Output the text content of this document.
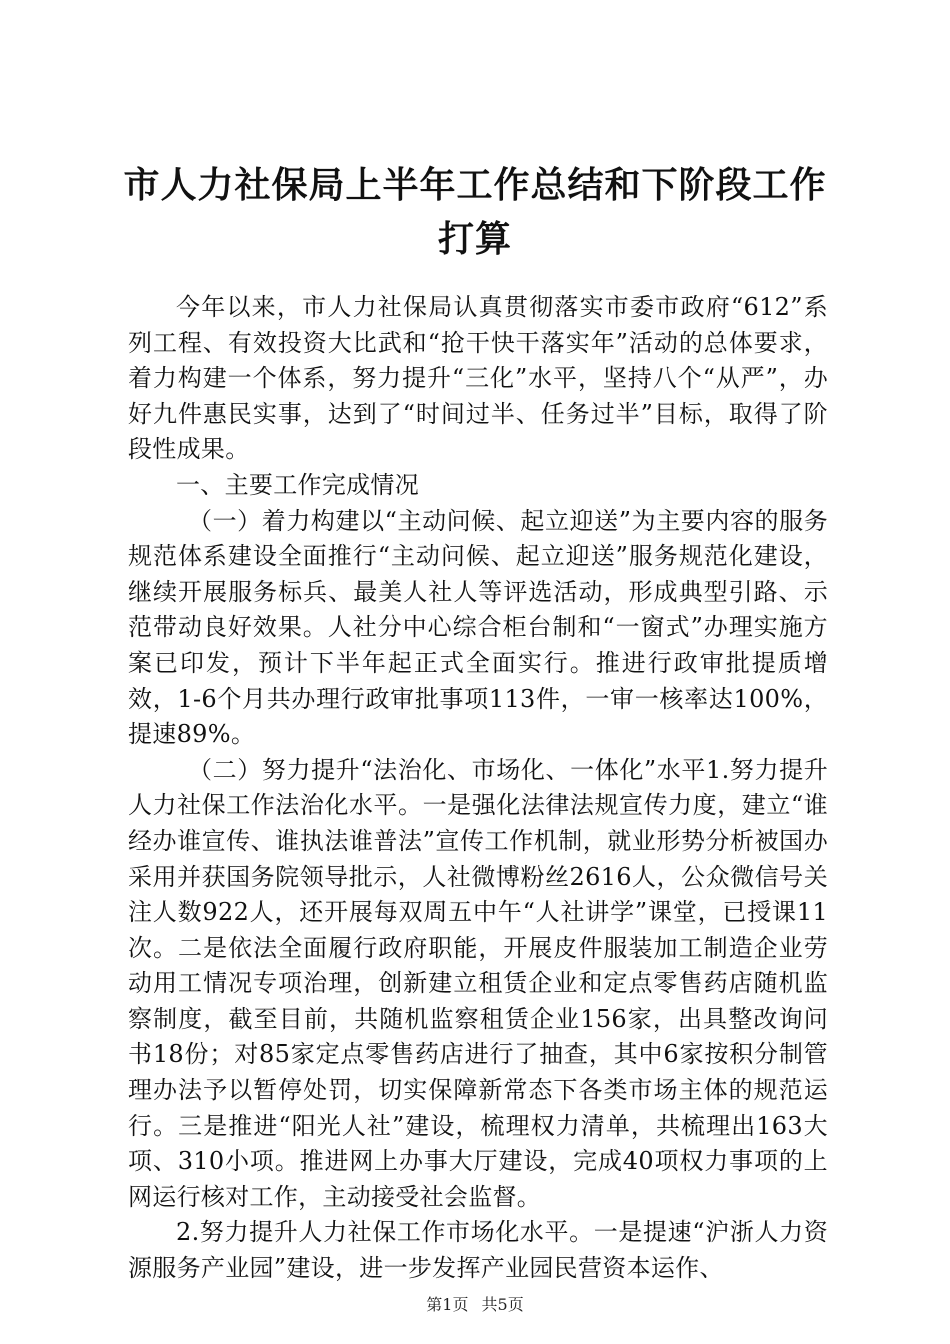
市人力社保局上半年工作总结和下阶段工作打算

今年以来，市人力社保局认真贯彻落实市委市政府“612”系列工程、有效投资大比武和“抢干快干落实年”活动的总体要求，着力构建一个体系，努力提升“三化”水平，坚持八个“从严”，办好九件惠民实事，达到了“时间过半、任务过半”目标，取得了阶段性成果。

一、主要工作完成情况

（一）着力构建以“主动问候、起立迎送”为主要内容的服务规范体系建设全面推行“主动问候、起立迎送”服务规范化建设，继续开展服务标兵、最美人社人等评选活动，形成典型引路、示范带动良好效果。人社分中心综合柜台制和“一窗式”办理实施方案已印发，预计下半年起正式全面实行。推进行政审批提质增效，1-6个月共办理行政审批事项113件，一审一核率达100%，提速89%。

（二）努力提升“法治化、市场化、一体化”水平1.努力提升人力社保工作法治化水平。一是强化法律法规宣传力度，建立“谁经办谁宣传、谁执法谁普法”宣传工作机制，就业形势分析被国办采用并获国务院领导批示，人社微博粉丝2616人，公众微信号关注人数922人，还开展每双周五中午“人社讲学”课堂，已授课11次。二是依法全面履行政府职能，开展皮件服装加工制造企业劳动用工情况专项治理，创新建立租赁企业和定点零售药店随机监察制度，截至目前，共随机监察租赁企业156家，出具整改询问书18份；对85家定点零售药店进行了抽查，其中6家按积分制管理办法予以暂停处罚，切实保障新常态下各类市场主体的规范运行。三是推进“阳光人社”建设，梳理权力清单，共梳理出163大项、310小项。推进网上办事大厅建设，完成40项权力事项的上网运行核对工作，主动接受社会监督。

2.努力提升人力社保工作市场化水平。一是提速“沪浙人力资源服务产业园”建设，进一步发挥产业园民营资本运作、

第1页 共5页
